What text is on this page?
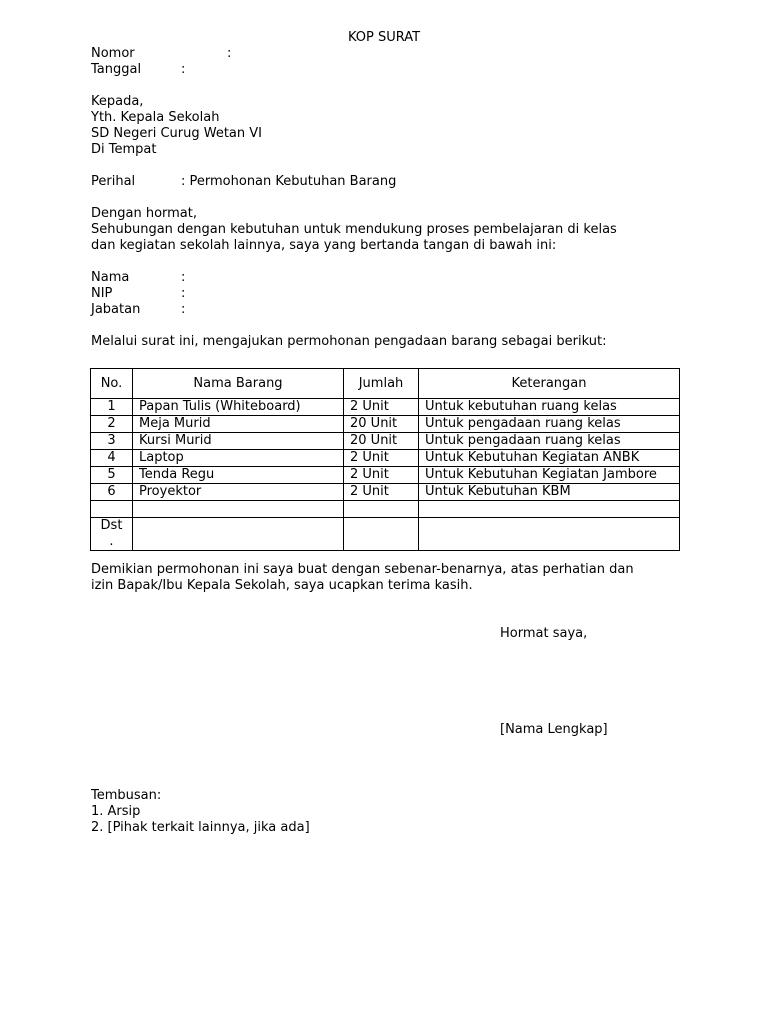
KOP SURAT
Nomor	:
Tanggal	:
Kepada,
Yth. Kepala Sekolah
SD Negeri Curug Wetan VI
Di Tempat
Perihal	: Permohonan Kebutuhan Barang
Dengan hormat,
Sehubungan dengan kebutuhan untuk mendukung proses pembelajaran di kelas
dan kegiatan sekolah lainnya, saya yang bertanda tangan di bawah ini:
Nama	:
NIP	:
Jabatan	:
Melalui surat ini, mengajukan permohonan pengadaan barang sebagai berikut:
No.	Nama Barang	Jumlah	Keterangan
1	Papan Tulis (Whiteboard)	2 Unit	Untuk kebutuhan ruang kelas
2	Meja Murid	20 Unit	Untuk pengadaan ruang kelas
3	Kursi Murid	20 Unit	Untuk pengadaan ruang kelas
4	Laptop	2 Unit	Untuk Kebutuhan Kegiatan ANBK
5	Tenda Regu	2 Unit	Untuk Kebutuhan Kegiatan Jambore
6	Proyektor	2 Unit	Untuk Kebutuhan KBM

Dst
.			
Demikian permohonan ini saya buat dengan sebenar-benarnya, atas perhatian dan
izin Bapak/Ibu Kepala Sekolah, saya ucapkan terima kasih.
Hormat saya,
[Nama Lengkap]
Tembusan:
1. Arsip
2. [Pihak terkait lainnya, jika ada]
